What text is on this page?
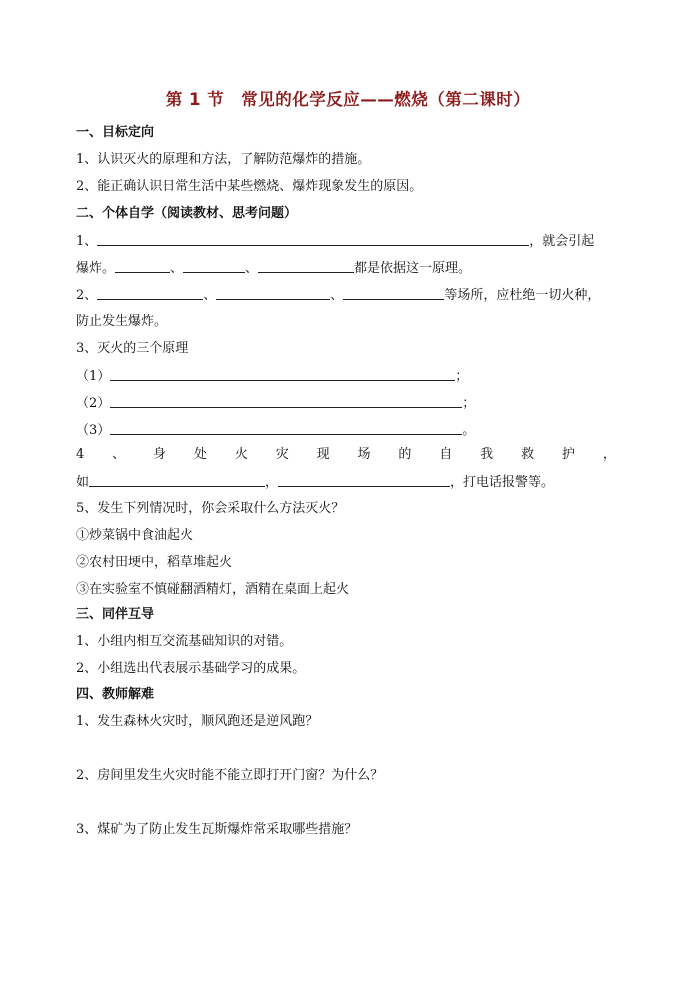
第 1 节　常见的化学反应——燃烧（第二课时）
一、目标定向
1、认识灭火的原理和方法，了解防范爆炸的措施。
2、能正确认识日常生活中某些燃烧、爆炸现象发生的原因。
二、个体自学（阅读教材、思考问题）
1、	，就会引起
爆炸。	、	、	都是依据这一原理。
2、	、	、	等场所，应杜绝一切火种，
防止发生爆炸。
3、灭火的三个原理
（1）	；
（2）	；
（3）	。
4 、 身 处 火 灾 现 场 的 自 我 救 护 ，
如	，	，打电话报警等。
5、发生下列情况时，你会采取什么方法灭火？
①炒菜锅中食油起火
②农村田埂中，稻草堆起火
③在实验室不慎碰翻酒精灯，酒精在桌面上起火
三、同伴互导
1、小组内相互交流基础知识的对错。
2、小组选出代表展示基础学习的成果。
四、教师解难
1、发生森林火灾时，顺风跑还是逆风跑？
2、房间里发生火灾时能不能立即打开门窗？为什么？
3、煤矿为了防止发生瓦斯爆炸常采取哪些措施？
